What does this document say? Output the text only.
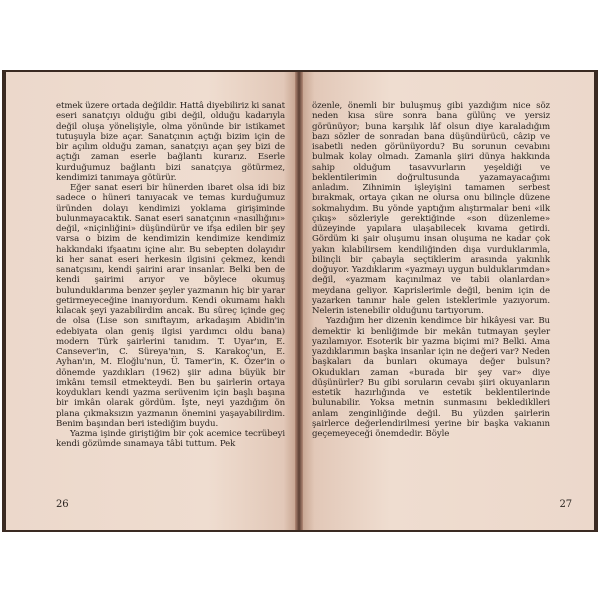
etmek üzere ortada değildir. Hattâ diyebiliriz ki sanat eseri sanatçıyı olduğu gibi değil, olduğu kadarıyla değil oluşa yönelişiyle, olma yönünde bir istikamet tutuşuyla bize açar. Sanatçının açtığı bizim için de bir açılım olduğu zaman, sanatçıyı açan şey bizi de açtığı zaman eserle bağlantı kurarız. Eserle kurduğumuz bağlantı bizi sanatçıya götürmez, kendimizi tanımaya götürür.

Eğer sanat eseri bir hünerden ibaret olsa idi biz sadece o hüneri tanıyacak ve temas kurduğumuz üründen dolayı kendimizi yoklama girişiminde bulunmayacaktık. Sanat eseri sanatçının «nasıllığını» değil, «niçinliğini» düşündürür ve ifşa edilen bir şey varsa o bizim de kendimizin kendimize kendimiz hakkındaki ifşaatını içine alır. Bu sebepten dolayıdır ki her sanat eseri herkesin ilgisini çekmez, kendi sanatçısını, kendi şairini arar insanlar. Belki ben de kendi şairimi arıyor ve böylece okumuş bulunduklarıma benzer şeyler yazmanın hiç bir yarar getirmeyeceğine inanıyordum. Kendi okumamı haklı kılacak şeyi yazabilirdim ancak. Bu süreç içinde geç de olsa (Lise son sınıftayım, arkadaşım Abidin'in edebiyata olan geniş ilgisi yardımcı oldu bana) modern Türk şairlerini tanıdım. T. Uyar'ın, E. Cansever'in, C. Süreya'nın, S. Karakoç'un, E. Ayhan'ın, M. Eloğlu'nun, Ü. Tamer'in, K. Özer'in o dönemde yazdıkları (1962) şiir adına büyük bir imkânı temsil etmekteydi. Ben bu şairlerin ortaya koydukları kendi yazma serüvenim için başlı başına bir imkân olarak gördüm. İşte, neyi yazdığım ön plana çıkmaksızın yazmanın önemini yaşayabilirdim. Benim başından beri istediğim buydu.

Yazma işinde giriştiğim bir çok acemice tecrübeyi kendi gözümde sınamaya tâbi tuttum. Pek

26

özenle, önemli bir buluşmuş gibi yazdığım nice söz neden kısa süre sonra bana gülünç ve yersiz görünüyor; buna karşılık lâf olsun diye karaladığım bazı sözler de sonradan bana düşündürücü, câzip ve isabetli neden görünüyordu? Bu sorunun cevabını bulmak kolay olmadı. Zamanla şiiri dünya hakkında sahip olduğum tasavvurların yeşeldiği ve beklentilerimin doğrultusunda yazamayacağımı anladım. Zihnimin işleyişini tamamen serbest bırakmak, ortaya çıkan ne olursa onu bilinçle düzene sokmalıydım. Bu yönde yaptığım alıştırmalar beni «ilk çıkış» sözleriyle gerektiğinde «son düzenleme» düzeyinde yapılara ulaşabilecek kıvama getirdi. Gördüm ki şair oluşumu insan oluşuma ne kadar çok yakın kılabilirsem kendiliğinden dışa vurduklarımla, bilinçli bir çabayla seçtiklerim arasında yakınlık doğuyor. Yazdıklarım «yazmayı uygun bulduklarımdan» değil, «yazmam kaçınılmaz ve tabii olanlardan» meydana geliyor. Kaprislerimle değil, benim için de yazarken tanınır hale gelen isteklerimle yazıyorum. Nelerin istenebilir olduğunu tartıyorum.

Yazdığım her dizenin kendimce bir hikâyesi var. Bu demektir ki benliğimde bir mekân tutmayan şeyler yazılamıyor. Esoterik bir yazma biçimi mi? Belki. Ama yazdıklarımın başka insanlar için ne değeri var? Neden başkaları da bunları okumaya değer bulsun? Okudukları zaman «burada bir şey var» diye düşünürler? Bu gibi soruların cevabı şiiri okuyanların estetik hazırlığında ve estetik beklentilerinde bulunabilir. Yoksa metnin sunmasını beklediklleri anlam zenginliğinde değil. Bu yüzden şairlerin şairlerce değerlendirilmesi yerine bir başka vakıanın geçemeyeceği önemdedir. Böyle

27
